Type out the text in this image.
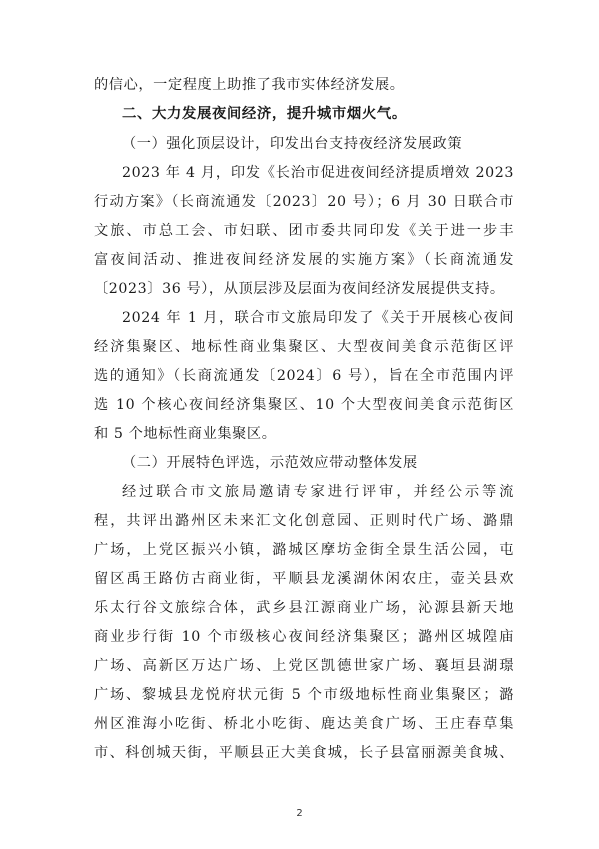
的信心，一定程度上助推了我市实体经济发展。
二、大力发展夜间经济，提升城市烟火气。
（一）强化顶层设计，印发出台支持夜经济发展政策
2023 年 4 月，印发《长治市促进夜间经济提质增效 2023
行动方案》（长商流通发〔2023〕20 号）；6 月 30 日联合市
文旅、市总工会、市妇联、团市委共同印发《关于进一步丰
富夜间活动、推进夜间经济发展的实施方案》（长商流通发
〔2023〕36 号），从顶层涉及层面为夜间经济发展提供支持。
2024 年 1 月，联合市文旅局印发了《关于开展核心夜间
经济集聚区、地标性商业集聚区、大型夜间美食示范街区评
选的通知》（长商流通发〔2024〕6 号），旨在全市范围内评
选 10 个核心夜间经济集聚区、10 个大型夜间美食示范街区
和 5 个地标性商业集聚区。
（二）开展特色评选，示范效应带动整体发展
经过联合市文旅局邀请专家进行评审，并经公示等流
程，共评出潞州区未来汇文化创意园、正则时代广场、潞鼎
广场，上党区振兴小镇，潞城区摩坊金街全景生活公园，屯
留区禹王路仿古商业街，平顺县龙溪湖休闲农庄，壶关县欢
乐太行谷文旅综合体，武乡县江源商业广场，沁源县新天地
商业步行街 10 个市级核心夜间经济集聚区；潞州区城隍庙
广场、高新区万达广场、上党区凯德世家广场、襄垣县湖璟
广场、黎城县龙悦府状元街 5 个市级地标性商业集聚区；潞
州区淮海小吃街、桥北小吃街、鹿达美食广场、王庄春草集
市、科创城天街，平顺县正大美食城，长子县富丽源美食城、
2
